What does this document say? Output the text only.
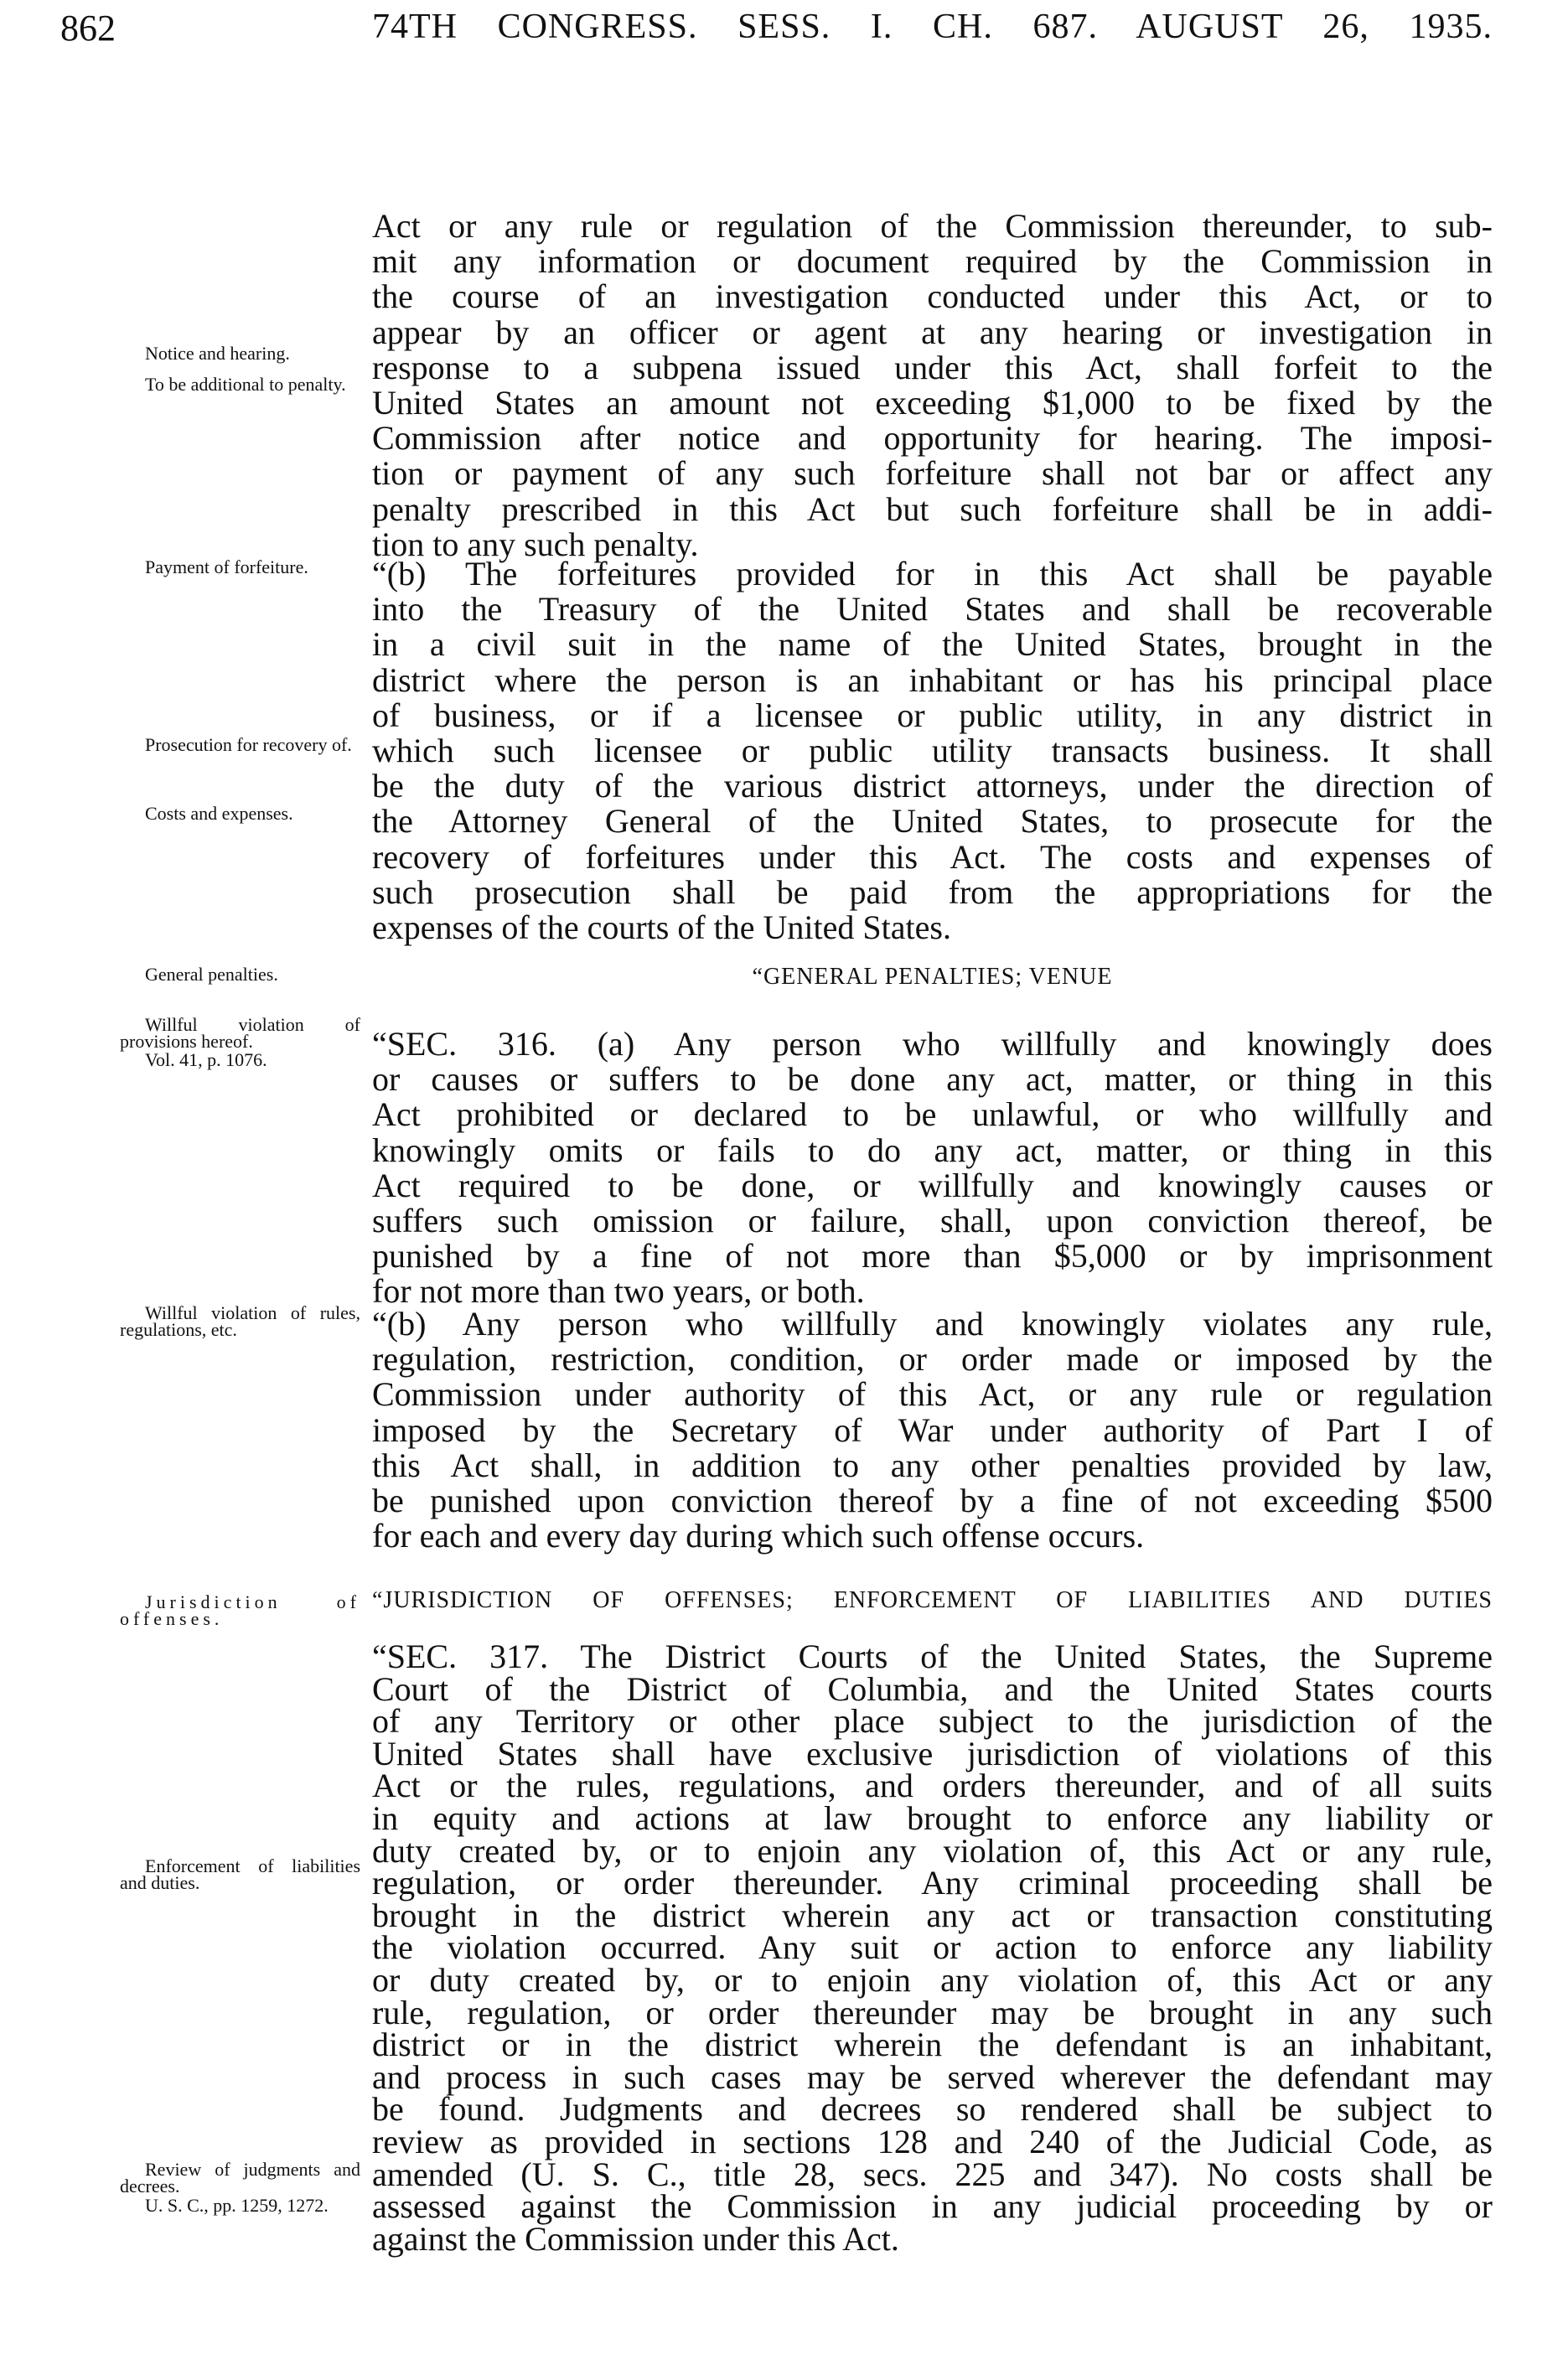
862	74TH CONGRESS. SESS. I. CH. 687. AUGUST 26, 1935.
Notice and hearing.
To be additional to penalty.
Payment of forfeiture.
Prosecution for recovery of.
Costs and expenses.
General penalties.
Willful violation of provisions hereof.
Vol. 41, p. 1076.
Willful violation of rules, regulations, etc.
Jurisdiction of offenses.
Enforcement of liabilities and duties.
Review of judgments and decrees.
U. S. C., pp. 1259, 1272.
Act or any rule or regulation of the Commission thereunder, to sub-
mit any information or document required by the Commission in
the course of an investigation conducted under this Act, or to
appear by an officer or agent at any hearing or investigation in
response to a subpena issued under this Act, shall forfeit to the
United States an amount not exceeding $1,000 to be fixed by the
Commission after notice and opportunity for hearing. The imposi-
tion or payment of any such forfeiture shall not bar or affect any
penalty prescribed in this Act but such forfeiture shall be in addi-
tion to any such penalty.
“(b) The forfeitures provided for in this Act shall be payable
into the Treasury of the United States and shall be recoverable
in a civil suit in the name of the United States, brought in the
district where the person is an inhabitant or has his principal place
of business, or if a licensee or public utility, in any district in
which such licensee or public utility transacts business. It shall
be the duty of the various district attorneys, under the direction of
the Attorney General of the United States, to prosecute for the
recovery of forfeitures under this Act. The costs and expenses of
such prosecution shall be paid from the appropriations for the
expenses of the courts of the United States.
“GENERAL PENALTIES; VENUE
“SEC. 316. (a) Any person who willfully and knowingly does
or causes or suffers to be done any act, matter, or thing in this
Act prohibited or declared to be unlawful, or who willfully and
knowingly omits or fails to do any act, matter, or thing in this
Act required to be done, or willfully and knowingly causes or
suffers such omission or failure, shall, upon conviction thereof, be
punished by a fine of not more than $5,000 or by imprisonment
for not more than two years, or both.
“(b) Any person who willfully and knowingly violates any rule,
regulation, restriction, condition, or order made or imposed by the
Commission under authority of this Act, or any rule or regulation
imposed by the Secretary of War under authority of Part I of
this Act shall, in addition to any other penalties provided by law,
be punished upon conviction thereof by a fine of not exceeding $500
for each and every day during which such offense occurs.
“JURISDICTION OF OFFENSES; ENFORCEMENT OF LIABILITIES AND DUTIES
“SEC. 317. The District Courts of the United States, the Supreme
Court of the District of Columbia, and the United States courts
of any Territory or other place subject to the jurisdiction of the
United States shall have exclusive jurisdiction of violations of this
Act or the rules, regulations, and orders thereunder, and of all suits
in equity and actions at law brought to enforce any liability or
duty created by, or to enjoin any violation of, this Act or any rule,
regulation, or order thereunder. Any criminal proceeding shall be
brought in the district wherein any act or transaction constituting
the violation occurred. Any suit or action to enforce any liability
or duty created by, or to enjoin any violation of, this Act or any
rule, regulation, or order thereunder may be brought in any such
district or in the district wherein the defendant is an inhabitant,
and process in such cases may be served wherever the defendant may
be found. Judgments and decrees so rendered shall be subject to
review as provided in sections 128 and 240 of the Judicial Code, as
amended (U. S. C., title 28, secs. 225 and 347). No costs shall be
assessed against the Commission in any judicial proceeding by or
against the Commission under this Act.
